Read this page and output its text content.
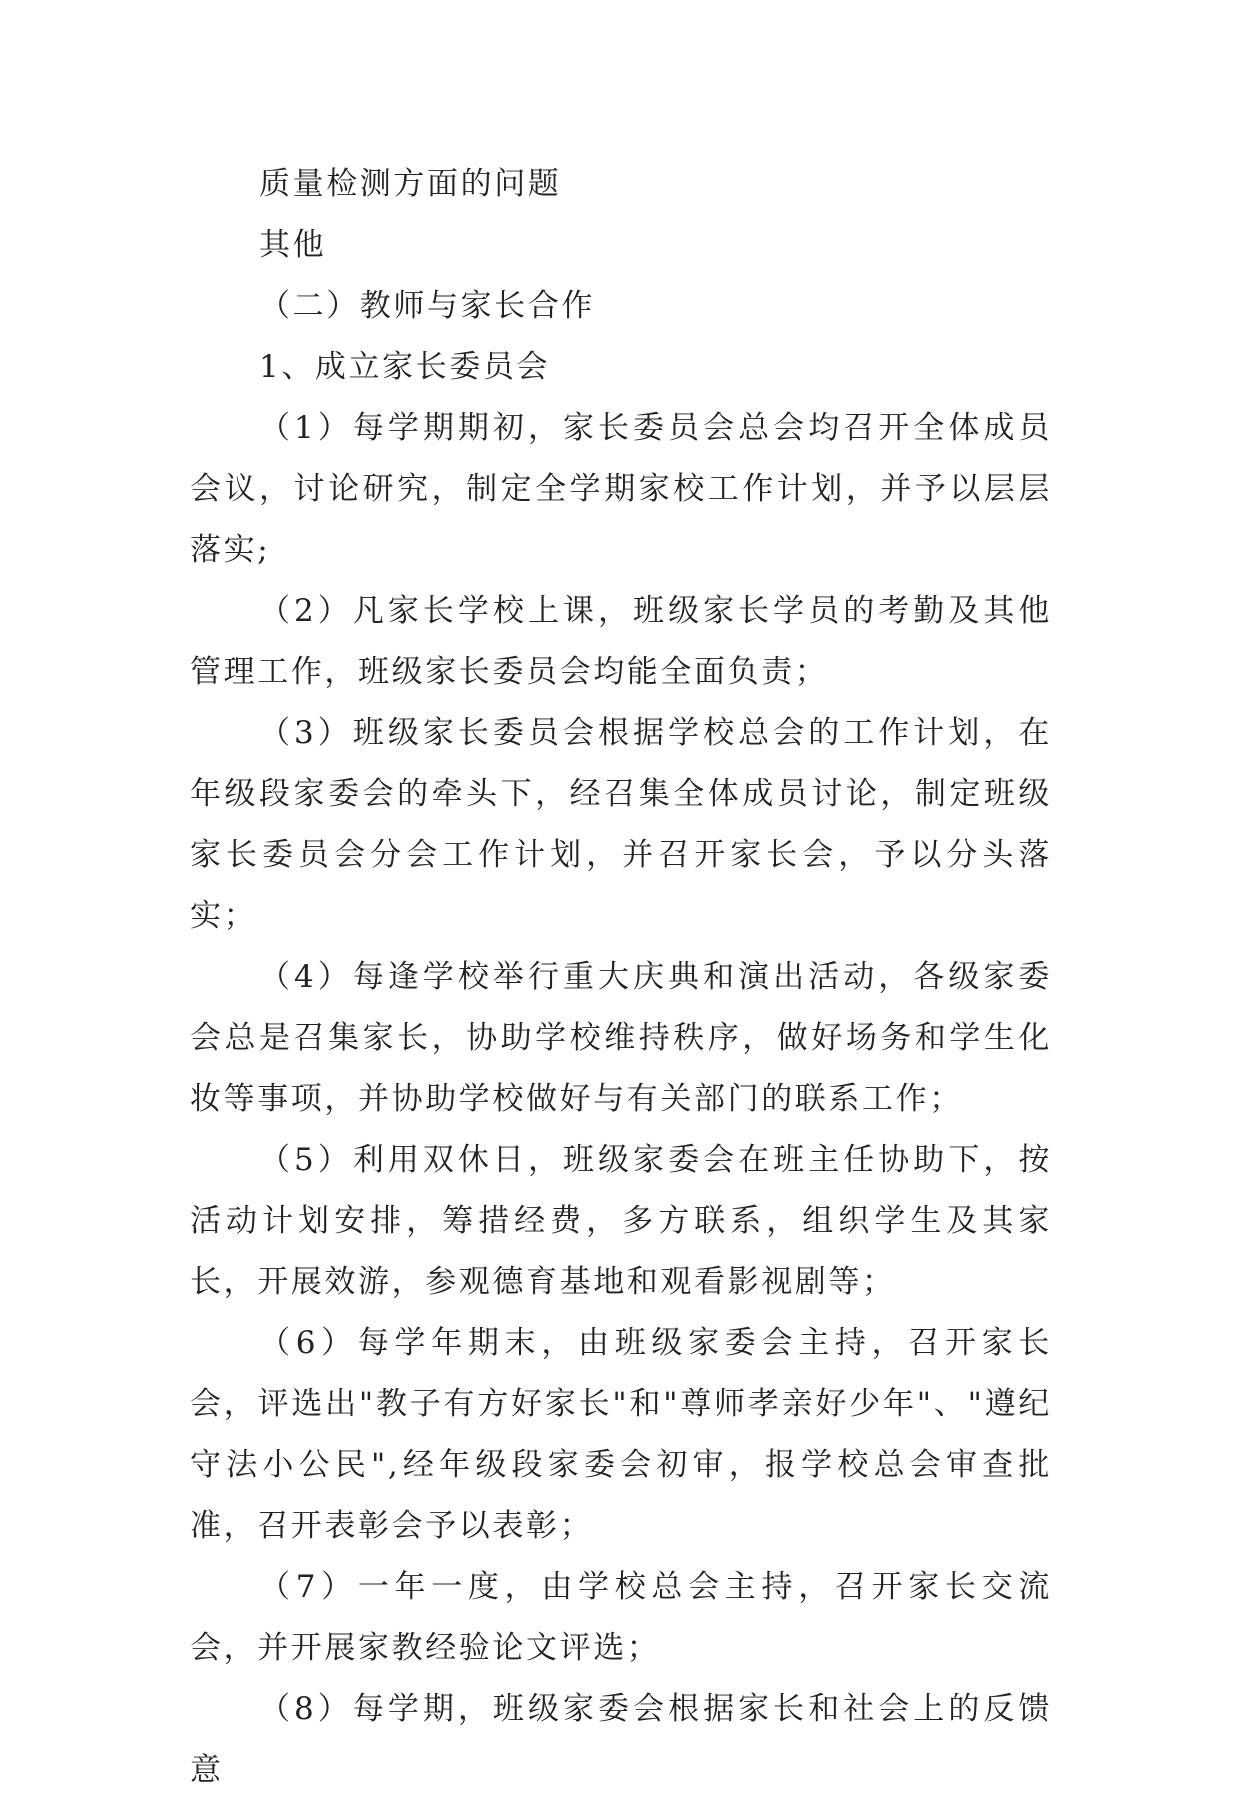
质量检测方面的问题

其他

（二）教师与家长合作

1、成立家长委员会

（1）每学期期初，家长委员会总会均召开全体成员会议，讨论研究，制定全学期家校工作计划，并予以层层落实;

（2）凡家长学校上课，班级家长学员的考勤及其他管理工作，班级家长委员会均能全面负责；

（3）班级家长委员会根据学校总会的工作计划，在年级段家委会的牵头下，经召集全体成员讨论，制定班级家长委员会分会工作计划，并召开家长会，予以分头落实；

（4）每逢学校举行重大庆典和演出活动，各级家委会总是召集家长，协助学校维持秩序，做好场务和学生化妆等事项，并协助学校做好与有关部门的联系工作；

（5）利用双休日，班级家委会在班主任协助下，按活动计划安排，筹措经费，多方联系，组织学生及其家长，开展效游，参观德育基地和观看影视剧等；

（6）每学年期末，由班级家委会主持，召开家长会，评选出"教子有方好家长"和"尊师孝亲好少年"、"遵纪守法小公民",经年级段家委会初审，报学校总会审查批准，召开表彰会予以表彰；

（7）一年一度，由学校总会主持，召开家长交流会，并开展家教经验论文评选；

（8）每学期，班级家委会根据家长和社会上的反馈意
